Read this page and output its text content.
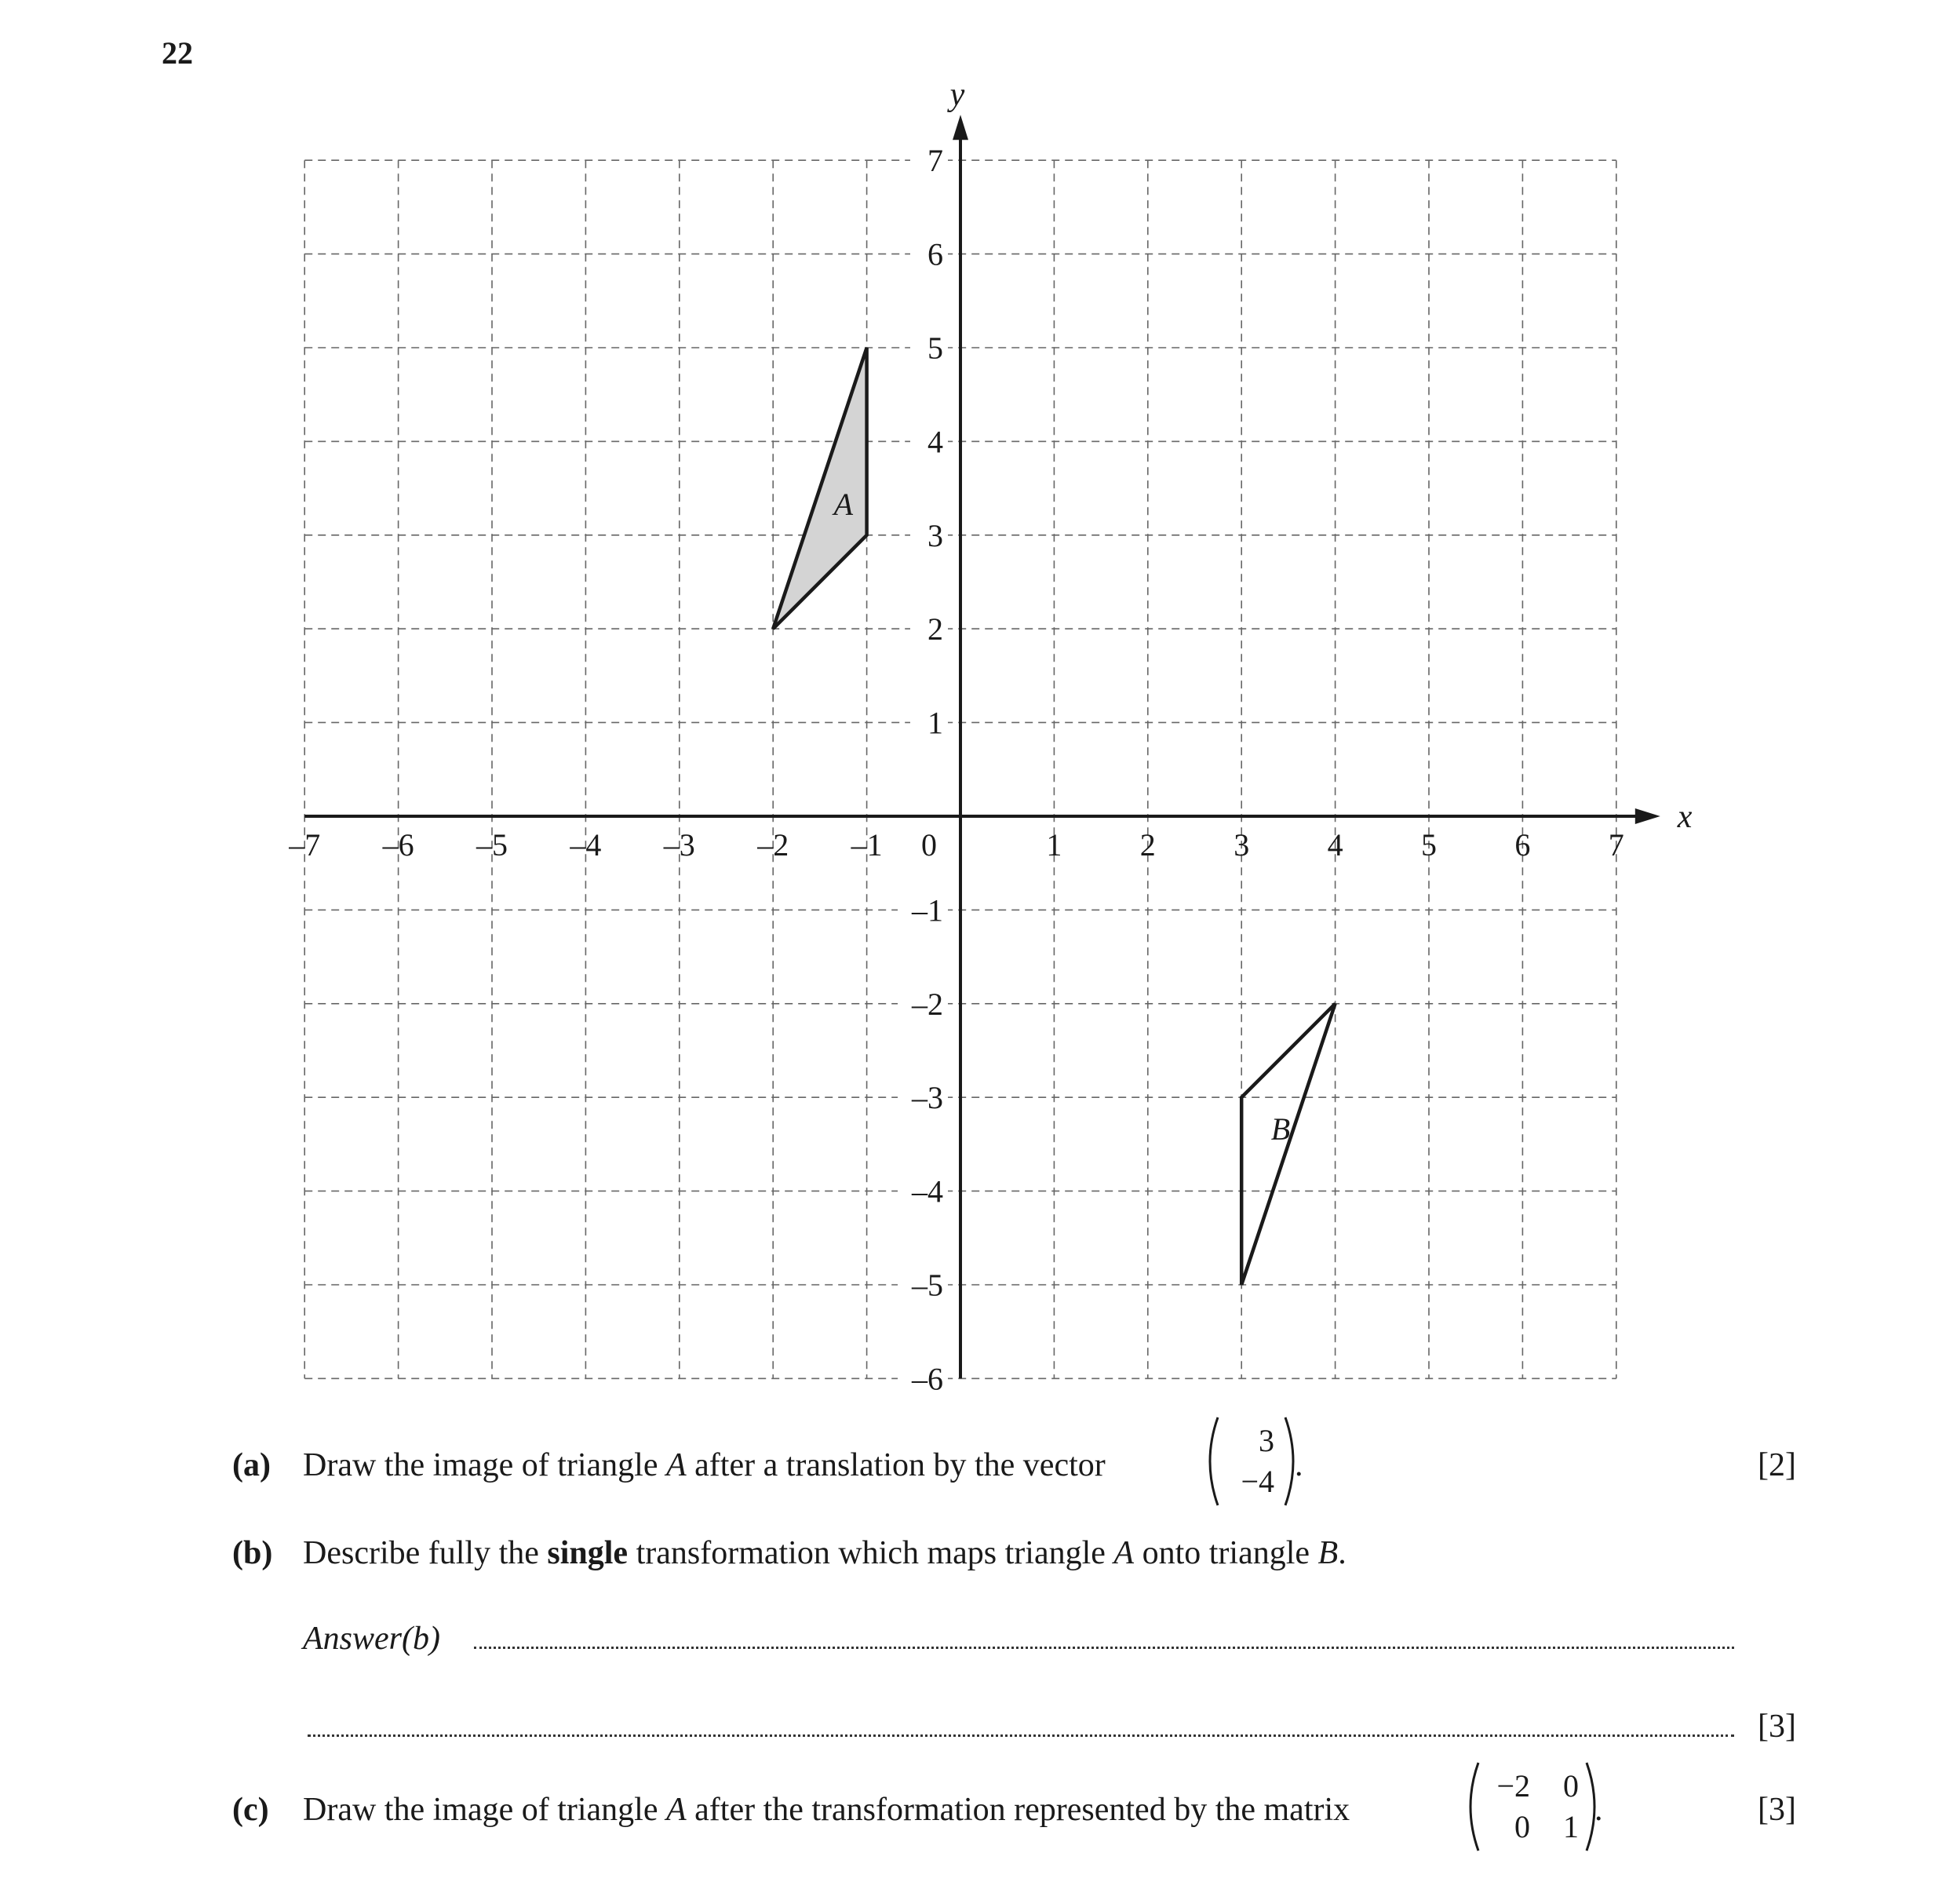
22
A
B
x
y
–7 –6 –5 –4 –3 –2 –1	1 2 3 4 5 6 7
0
1
2
3
4
5
6
7
–1
–2
–3
–4
–5
–6
(a) Draw the image of triangle A after a translation by the vector
3
−4 .	[2]
(b) Describe fully the single transformation which maps triangle A onto triangle B.
Answer(b)
[3]
(c) Draw the image of triangle A after the transformation represented by the matrix
−2	0
0	1 .	[3]
